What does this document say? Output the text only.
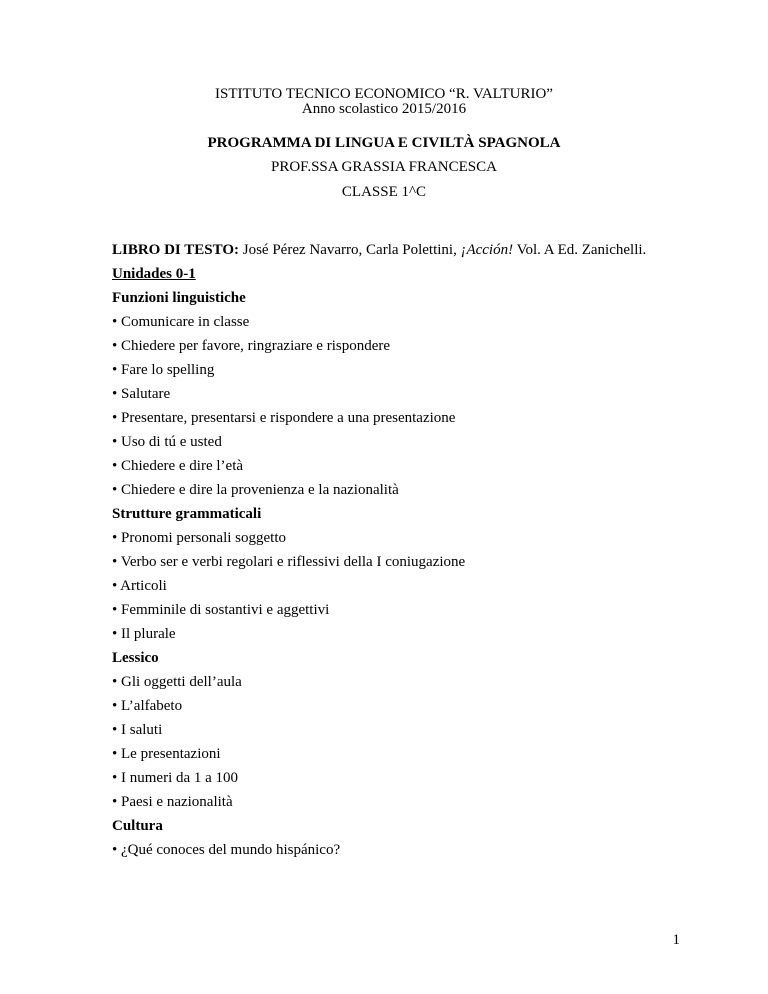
ISTITUTO TECNICO ECONOMICO “R. VALTURIO”
Anno scolastico 2015/2016
PROGRAMMA DI LINGUA E CIVILTÀ SPAGNOLA
PROF.SSA GRASSIA FRANCESCA
CLASSE 1^C
LIBRO DI TESTO: José Pérez Navarro, Carla Polettini, ¡Acción! Vol. A Ed. Zanichelli.
Unidades 0-1
Funzioni linguistiche
• Comunicare in classe
• Chiedere per favore, ringraziare e rispondere
• Fare lo spelling
• Salutare
• Presentare, presentarsi e rispondere a una presentazione
• Uso di tú e usted
• Chiedere e dire l’età
• Chiedere e dire la provenienza e la nazionalità
Strutture grammaticali
• Pronomi personali soggetto
• Verbo ser e verbi regolari e riflessivi della I coniugazione
• Articoli
• Femminile di sostantivi e aggettivi
• Il plurale
Lessico
• Gli oggetti dell’aula
• L’alfabeto
• I saluti
• Le presentazioni
• I numeri da 1 a 100
• Paesi e nazionalità
Cultura
• ¿Qué conoces del mundo hispánico?
1
